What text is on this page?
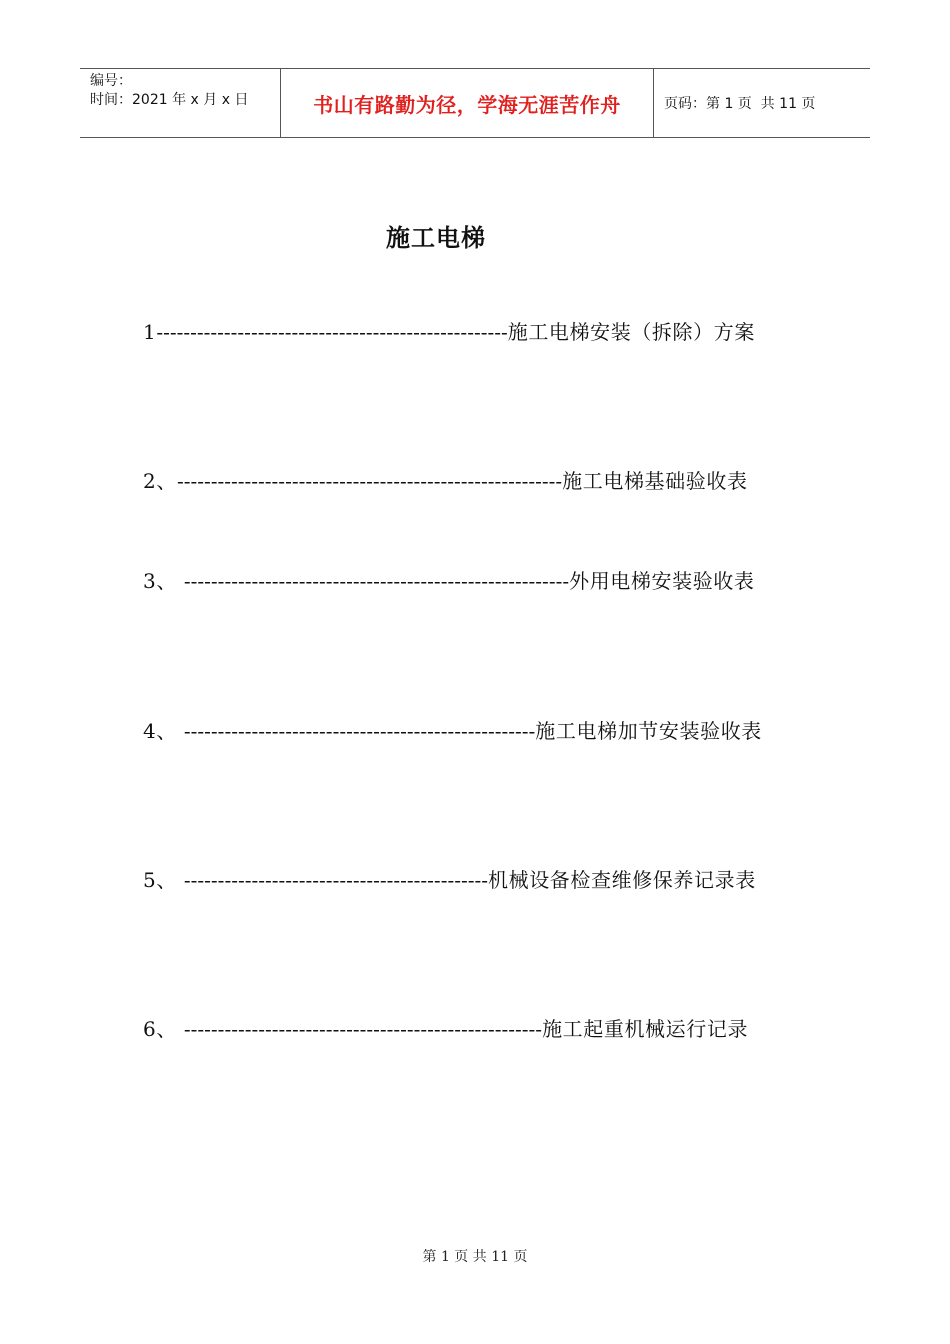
编号：
时间：2021 年 x 月 x 日	书山有路勤为径，学海无涯苦作舟	页码：第 1 页  共 11 页
施工电梯
1----------------------------------------------------施工电梯安装（拆除）方案
2、---------------------------------------------------------施工电梯基础验收表
3、 ---------------------------------------------------------外用电梯安装验收表
4、 ----------------------------------------------------施工电梯加节安装验收表
5、 ---------------------------------------------机械设备检查维修保养记录表
6、 -----------------------------------------------------施工起重机械运行记录
第 1 页 共 11 页
